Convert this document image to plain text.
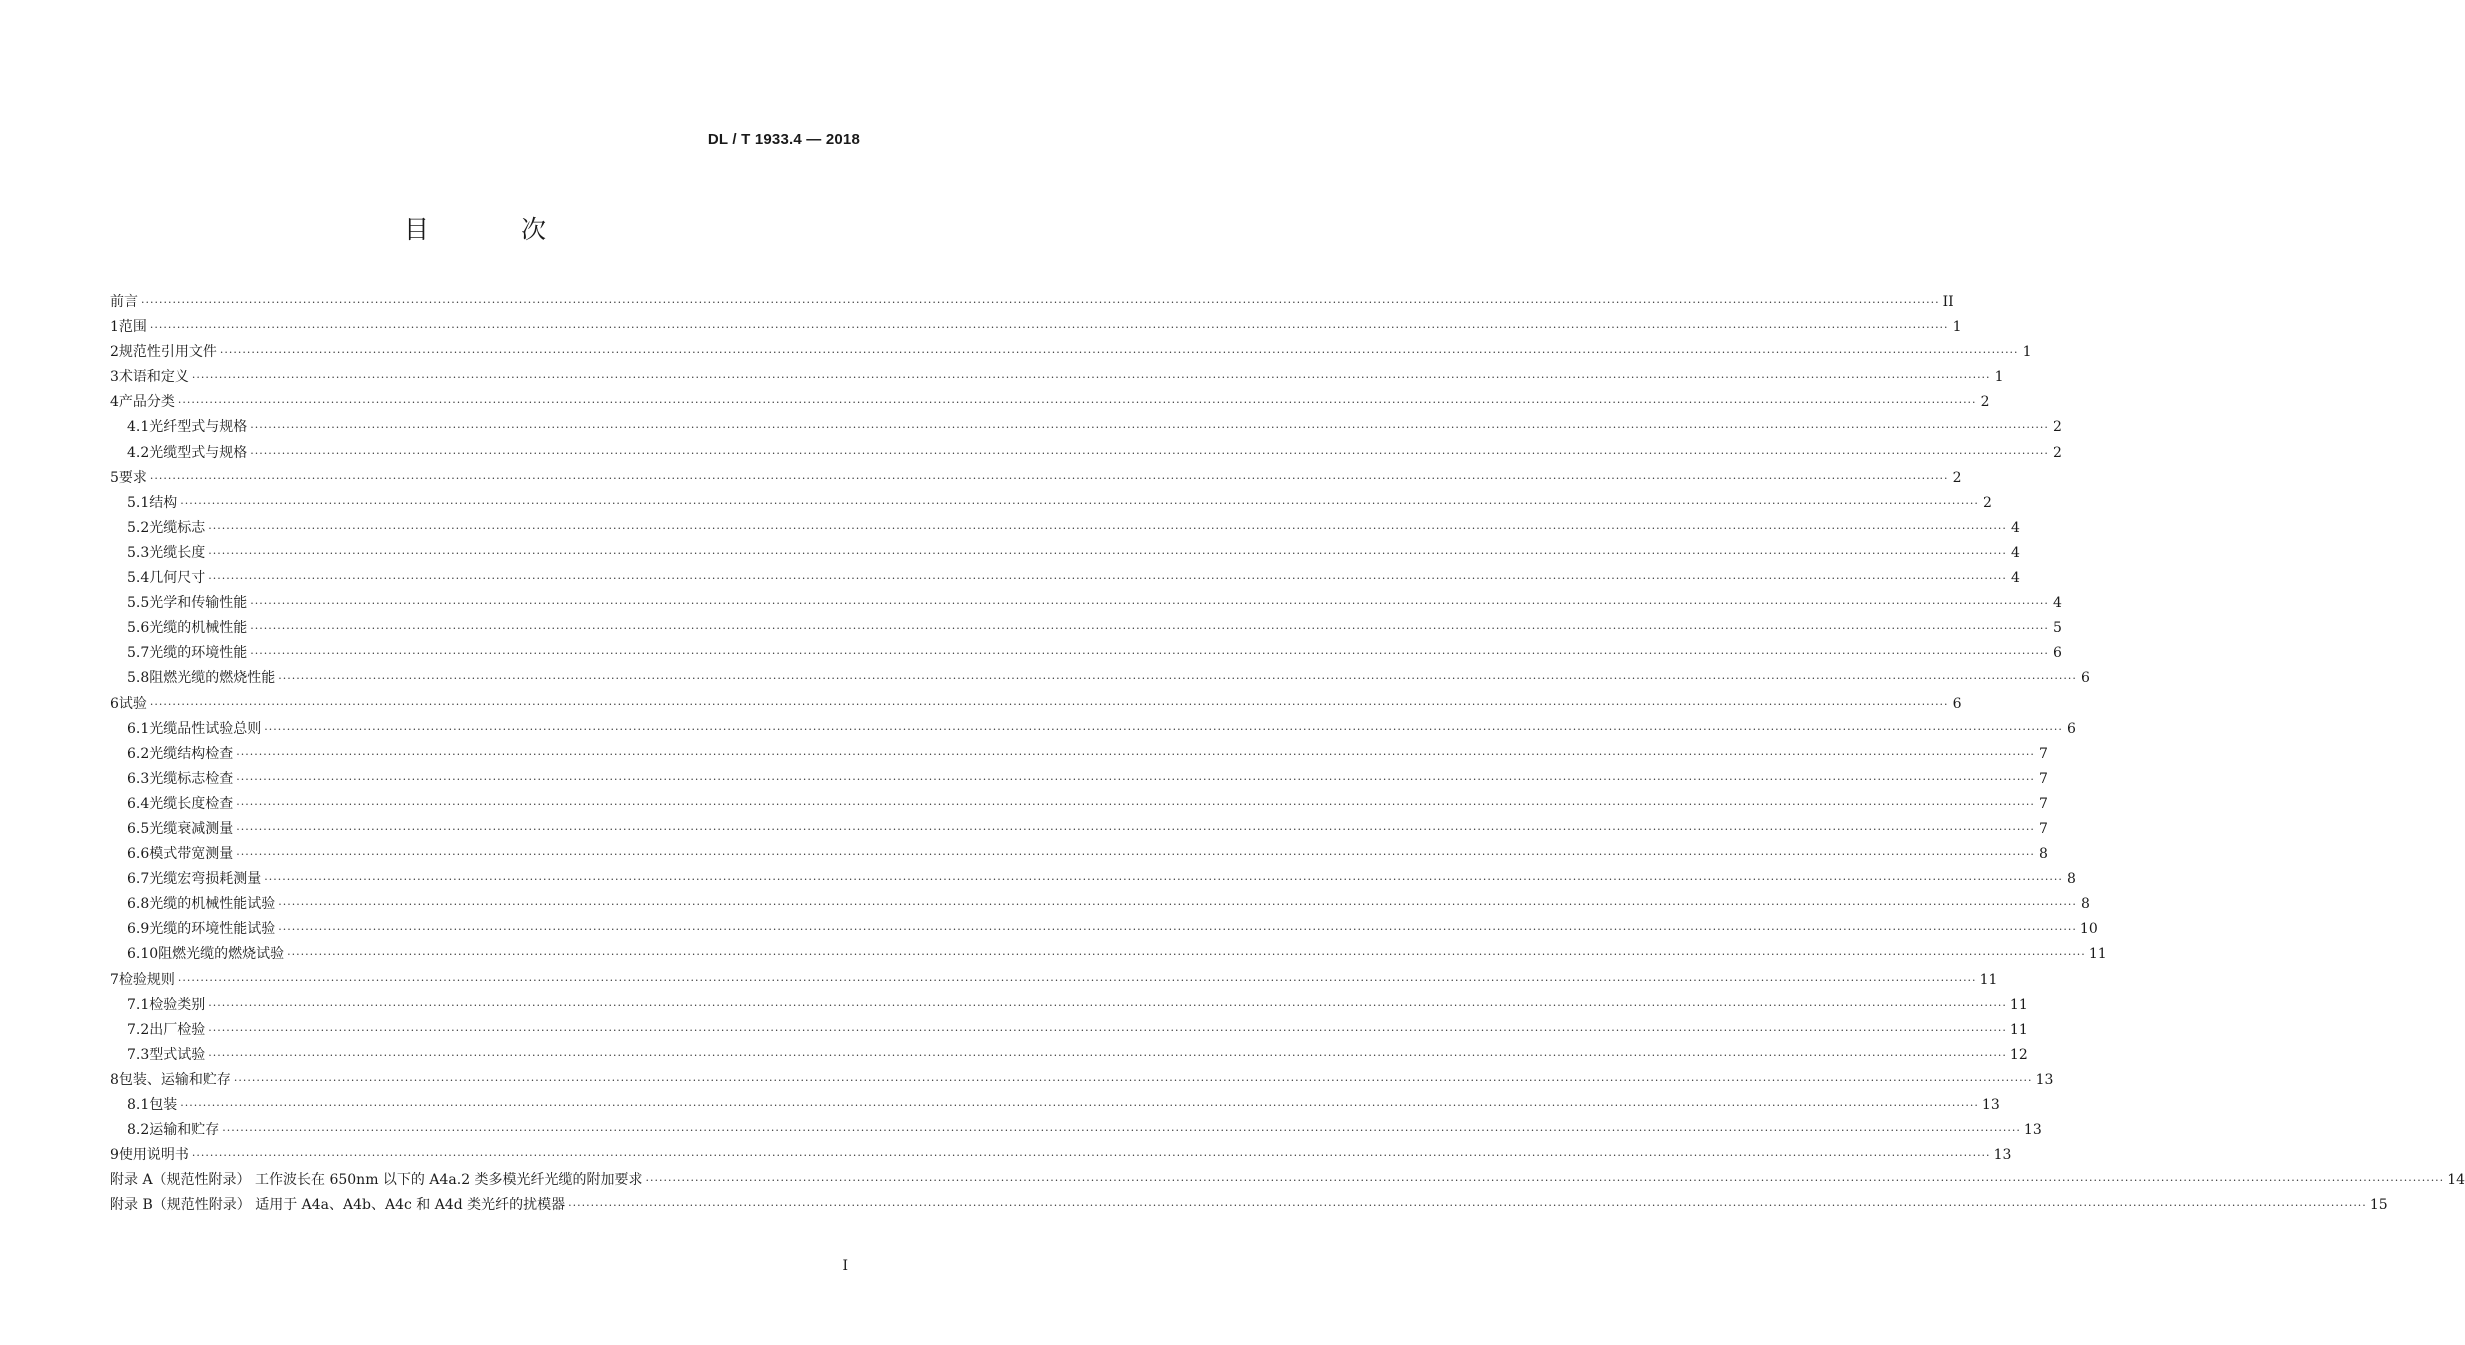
DL / T 1933.4 — 2018
目 次
前言 ················································································································································································································································································································································································································ II
1 范围 ················································································································································································································································································································································································································ 1
2 规范性引用文件 ················································································································································································································································································································································································································ 1
3 术语和定义 ················································································································································································································································································································································································································ 1
4 产品分类 ················································································································································································································································································································································································································ 2
4.1 光纤型式与规格 ················································································································································································································································································································································································································ 2
4.2 光缆型式与规格 ················································································································································································································································································································································································································ 2
5 要求 ················································································································································································································································································································································································································ 2
5.1 结构 ················································································································································································································································································································································································································ 2
5.2 光缆标志 ················································································································································································································································································································································································································ 4
5.3 光缆长度 ················································································································································································································································································································································································································ 4
5.4 几何尺寸 ················································································································································································································································································································································································································ 4
5.5 光学和传输性能 ················································································································································································································································································································································································································ 4
5.6 光缆的机械性能 ················································································································································································································································································································································································································ 5
5.7 光缆的环境性能 ················································································································································································································································································································································································································ 6
5.8 阻燃光缆的燃烧性能 ················································································································································································································································································································································································································ 6
6 试验 ················································································································································································································································································································································································································ 6
6.1 光缆品性试验总则 ················································································································································································································································································································································································································ 6
6.2 光缆结构检查 ················································································································································································································································································································································································································ 7
6.3 光缆标志检查 ················································································································································································································································································································································································································ 7
6.4 光缆长度检查 ················································································································································································································································································································································································································ 7
6.5 光缆衰减测量 ················································································································································································································································································································································································································ 7
6.6 模式带宽测量 ················································································································································································································································································································································································································ 8
6.7 光缆宏弯损耗测量 ················································································································································································································································································································································································································ 8
6.8 光缆的机械性能试验 ················································································································································································································································································································································································································ 8
6.9 光缆的环境性能试验 ················································································································································································································································································································································································································ 10
6.10 阻燃光缆的燃烧试验 ················································································································································································································································································································································································································ 11
7 检验规则 ················································································································································································································································································································································································································ 11
7.1 检验类别 ················································································································································································································································································································································································································ 11
7.2 出厂检验 ················································································································································································································································································································································································································ 11
7.3 型式试验 ················································································································································································································································································································································································································ 12
8 包装、运输和贮存 ················································································································································································································································································································································································································ 13
8.1 包装 ················································································································································································································································································································································································································ 13
8.2 运输和贮存 ················································································································································································································································································································································································································ 13
9 使用说明书 ················································································································································································································································································································································································································ 13
附录 A（规范性附录） 工作波长在 650nm 以下的 A4a.2 类多模光纤光缆的附加要求 ················································································································································································································································································································································································································ 14
附录 B（规范性附录） 适用于 A4a、A4b、A4c 和 A4d 类光纤的扰模器 ················································································································································································································································································································································································································ 15
I
